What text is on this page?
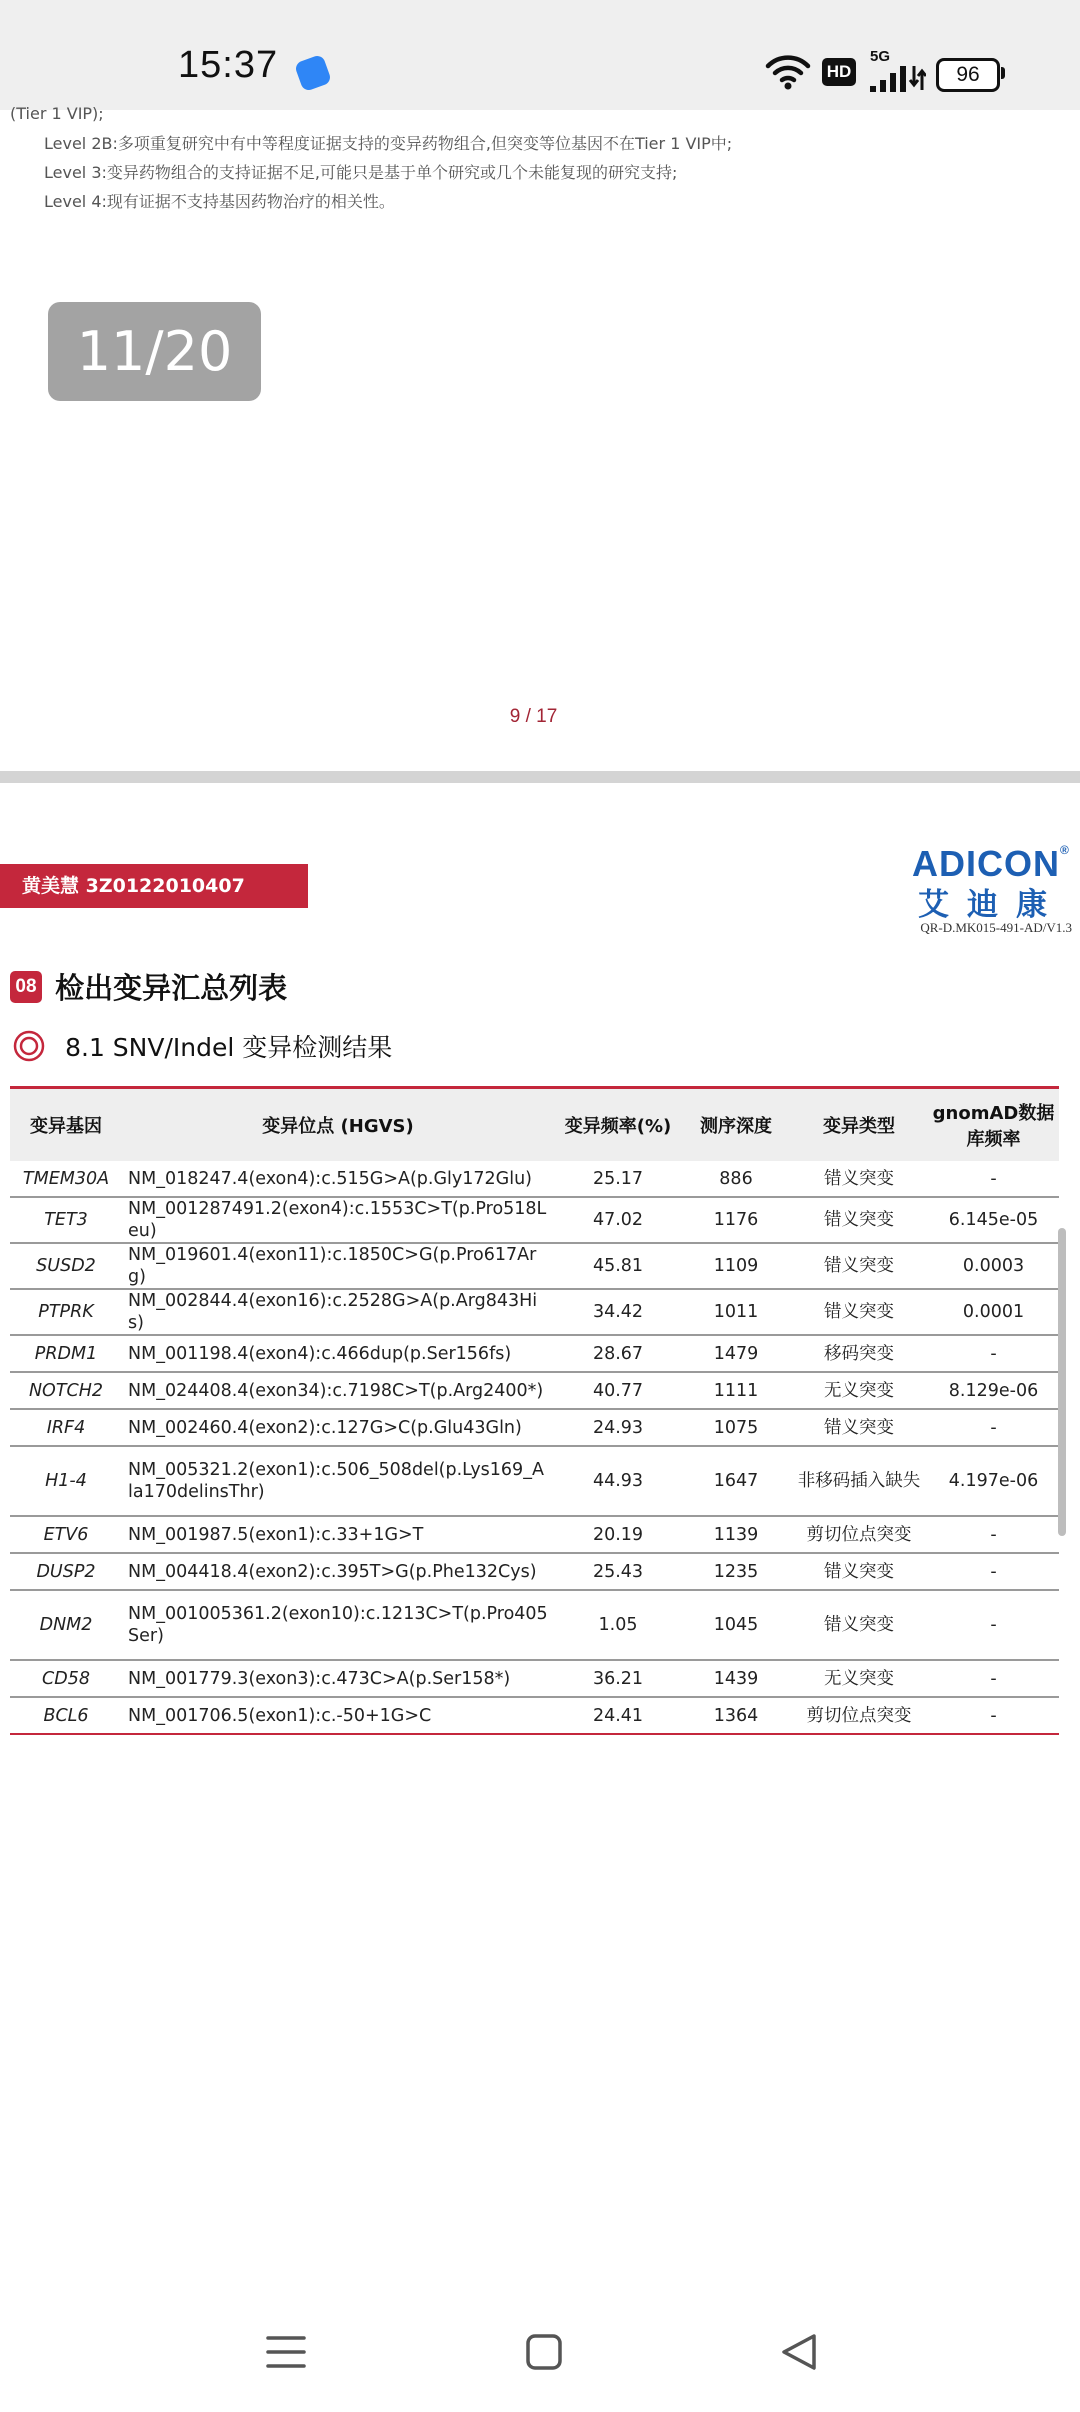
15:37	HD
5G
96
(Tier 1 VIP);
Level 2B:多项重复研究中有中等程度证据支持的变异药物组合,但突变等位基因不在Tier 1 VIP中;
Level 3:变异药物组合的支持证据不足,可能只是基于单个研究或几个未能复现的研究支持;
Level 4:现有证据不支持基因药物治疗的相关性。
11/20
9 / 17
黄美慧 3Z0122010407
ADICON®
艾迪康
QR-D.MK015-491-AD/V1.3
08 检出变异汇总列表
8.1 SNV/Indel 变异检测结果
变异基因	变异位点 (HGVS)	变异频率(%)	测序深度	变异类型	gnomAD数据库频率
TMEM30A	NM_018247.4(exon4):c.515G>A(p.Gly172Glu)	25.17	886	错义突变	-
TET3	NM_001287491.2(exon4):c.1553C>T(p.Pro518Leu)	47.02	1176	错义突变	6.145e-05
SUSD2	NM_019601.4(exon11):c.1850C>G(p.Pro617Arg)	45.81	1109	错义突变	0.0003
PTPRK	NM_002844.4(exon16):c.2528G>A(p.Arg843His)	34.42	1011	错义突变	0.0001
PRDM1	NM_001198.4(exon4):c.466dup(p.Ser156fs)	28.67	1479	移码突变	-
NOTCH2	NM_024408.4(exon34):c.7198C>T(p.Arg2400*)	40.77	1111	无义突变	8.129e-06
IRF4	NM_002460.4(exon2):c.127G>C(p.Glu43Gln)	24.93	1075	错义突变	-
H1-4	NM_005321.2(exon1):c.506_508del(p.Lys169_Ala170delinsThr)	44.93	1647	非移码插入缺失	4.197e-06
ETV6	NM_001987.5(exon1):c.33+1G>T	20.19	1139	剪切位点突变	-
DUSP2	NM_004418.4(exon2):c.395T>G(p.Phe132Cys)	25.43	1235	错义突变	-
DNM2	NM_001005361.2(exon10):c.1213C>T(p.Pro405Ser)	1.05	1045	错义突变	-
CD58	NM_001779.3(exon3):c.473C>A(p.Ser158*)	36.21	1439	无义突变	-
BCL6	NM_001706.5(exon1):c.-50+1G>C	24.41	1364	剪切位点突变	-
